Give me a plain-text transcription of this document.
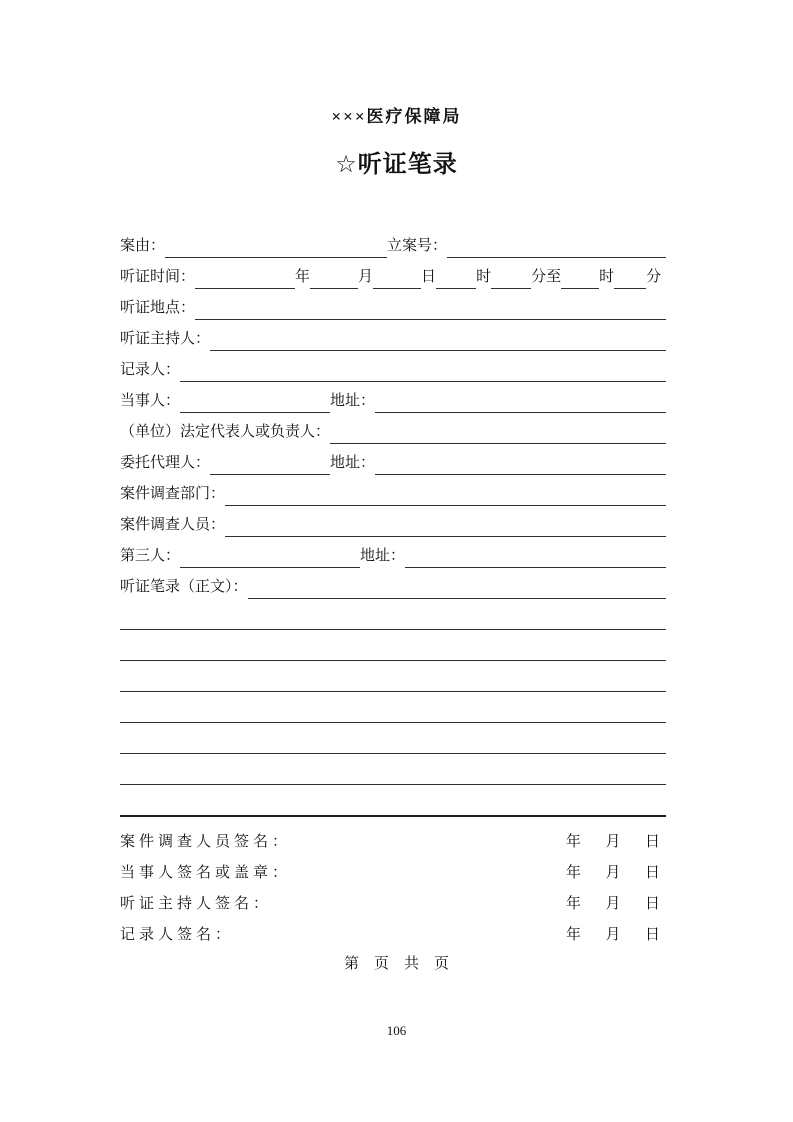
×××医疗保障局
☆听证笔录
案由：	立案号：
听证时间：	年	月	日	时	分至	时 分
听证地点：
听证主持人：
记录人：
当事人：	地址：
（单位）法定代表人或负责人：
委托代理人：	地址：
案件调查部门：
案件调查人员：
第三人：	地址：
听证笔录（正文）：
案件调查人员签名：	年 月 日
当事人签名或盖章：	年 月 日
听证主持人签名：	年 月 日
记录人签名：	年 月 日
第　页　共　页
106
